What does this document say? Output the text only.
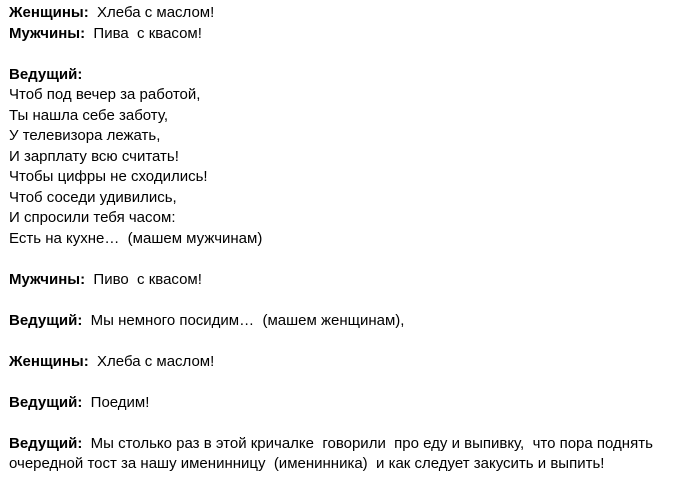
Женщины:  Хлеба с маслом!
Мужчины:  Пива  с квасом!
Ведущий:
Чтоб под вечер за работой,
Ты нашла себе заботу,
У телевизора лежать,
И зарплату всю считать!
Чтобы цифры не сходились!
Чтоб соседи удивились,
И спросили тебя часом:
Есть на кухне…  (машем мужчинам)
Мужчины:  Пиво  с квасом!
Ведущий:  Мы немного посидим…  (машем женщинам),
Женщины:  Хлеба с маслом!
Ведущий:  Поедим!
Ведущий:  Мы столько раз в этой кричалке  говорили  про еду и выпивку,  что пора поднять очередной тост за нашу именинницу  (именинника)  и как следует закусить и выпить!
